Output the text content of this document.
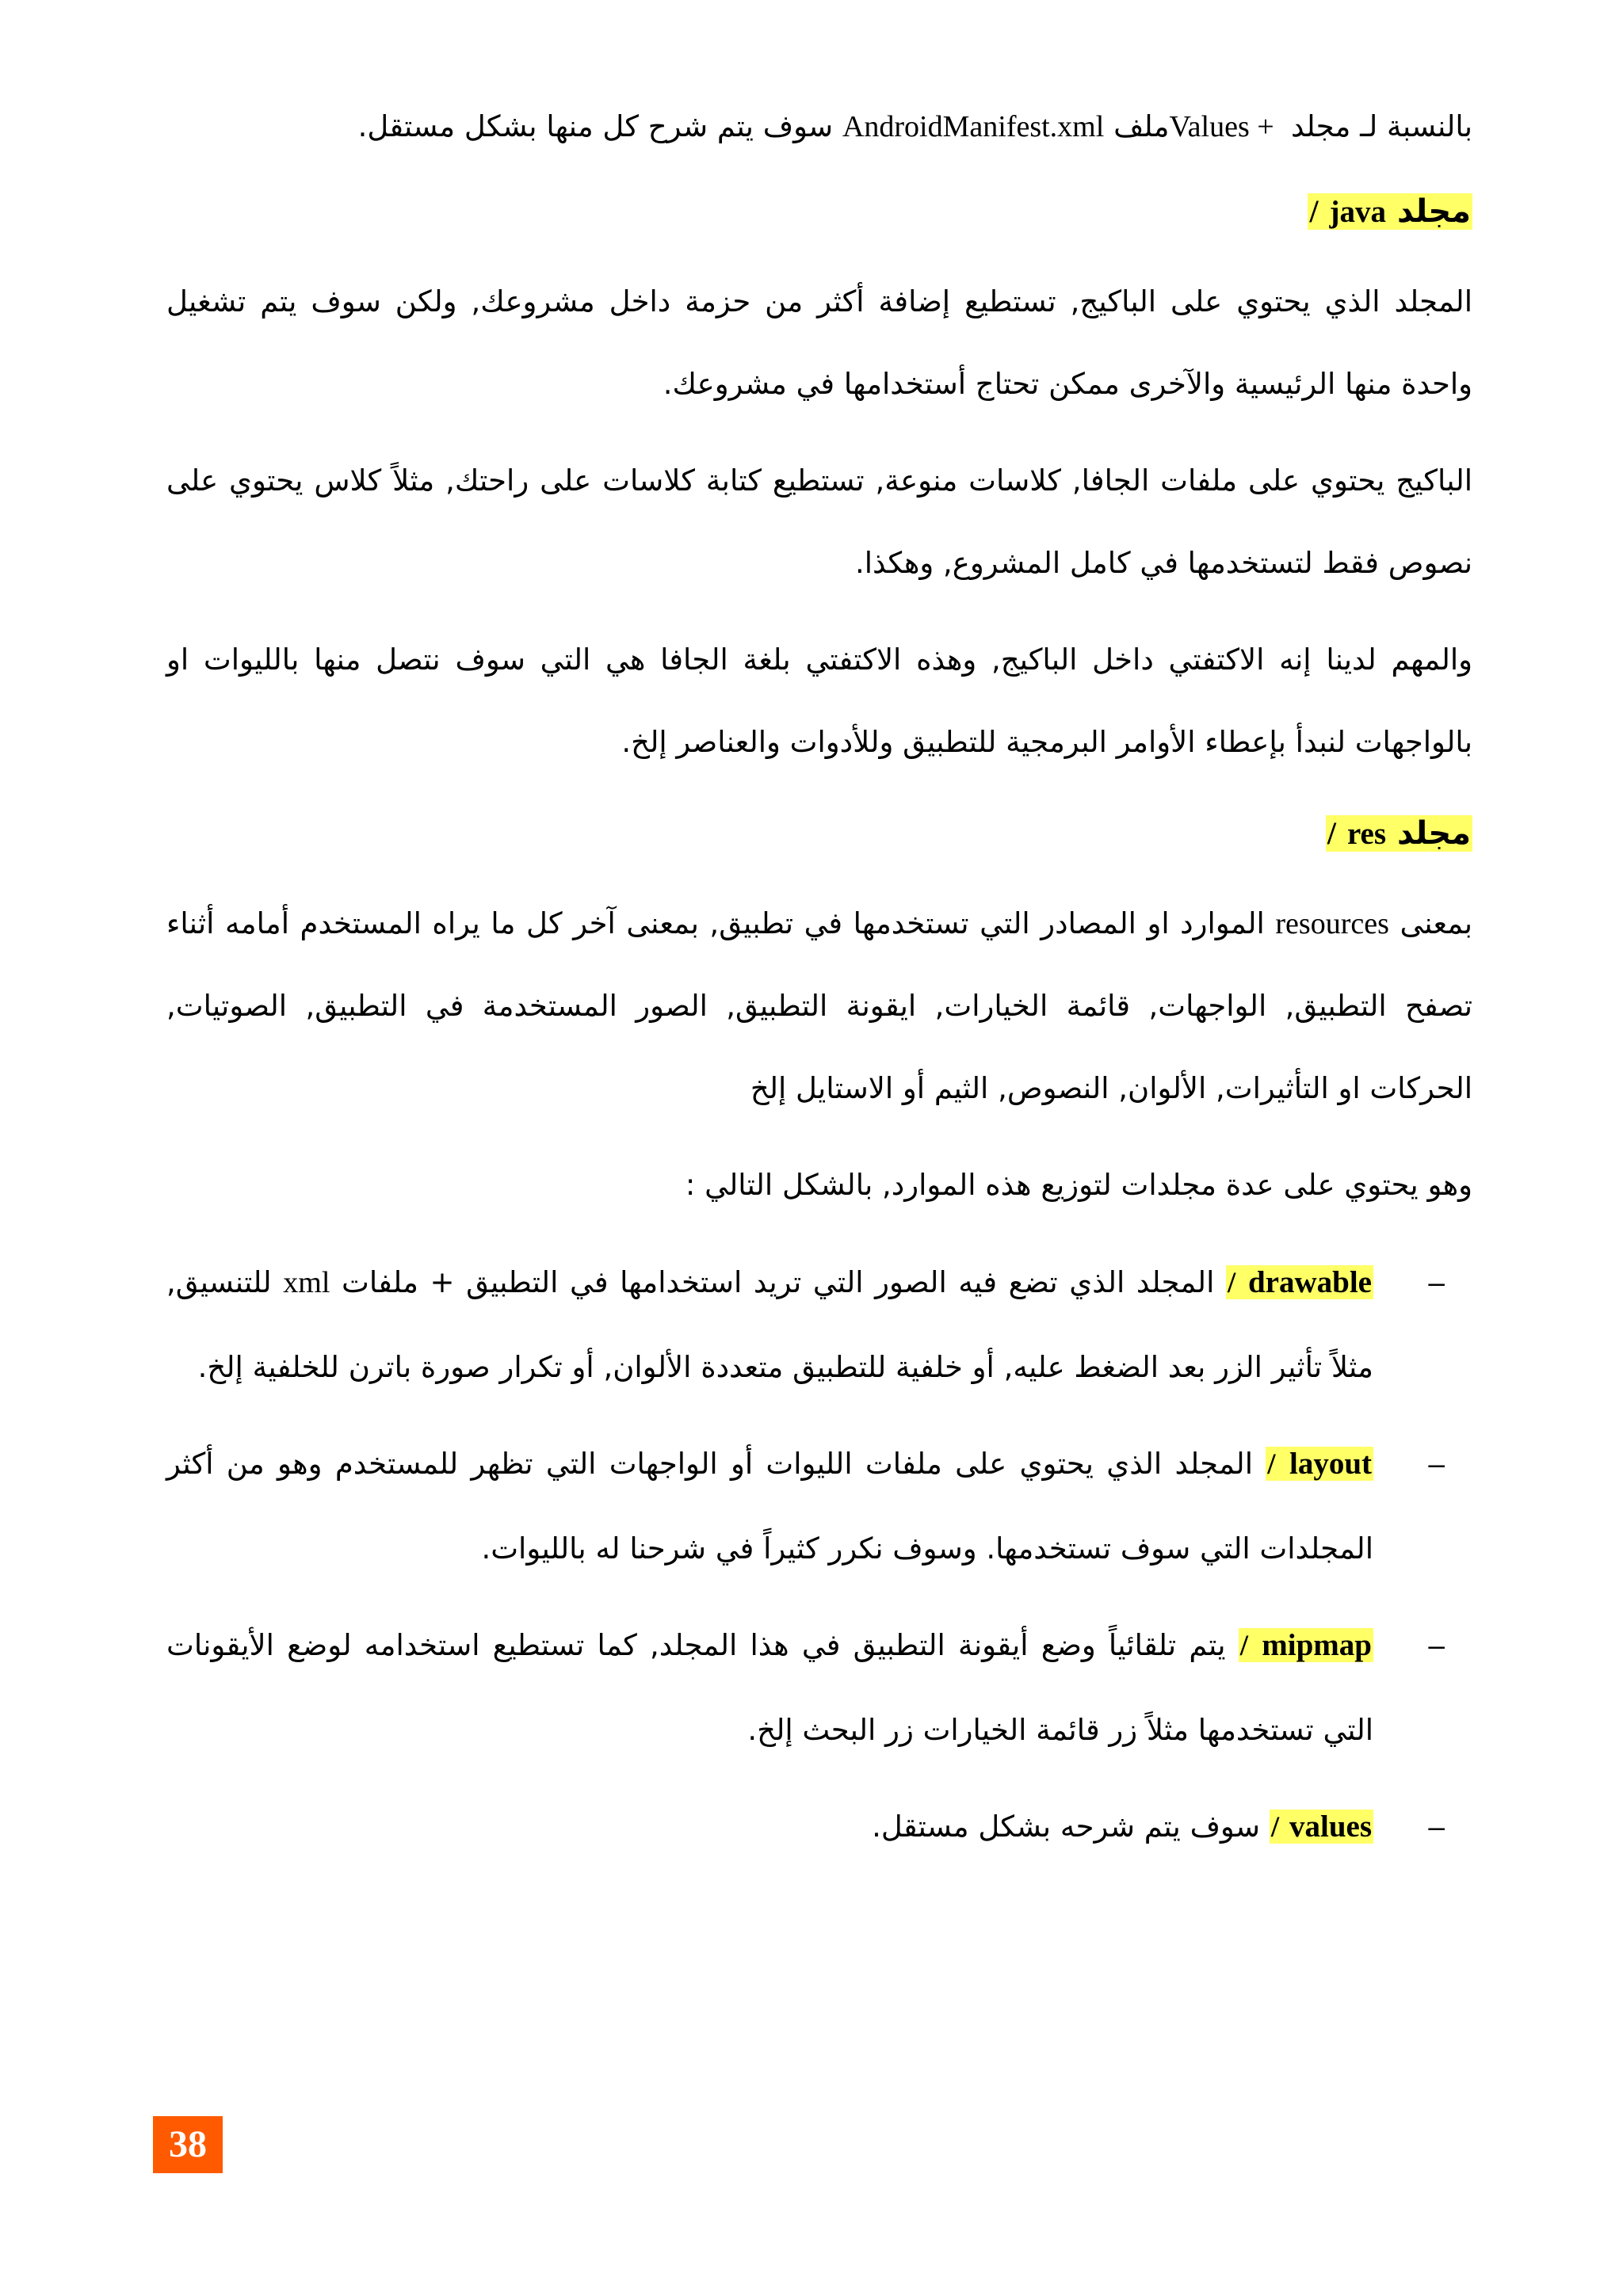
بالنسبة لـ مجلد Values + ملف AndroidManifest.xml سوف يتم شرح كل منها بشكل مستقل.

مجلد java /

المجلد الذي يحتوي على الباكيج, تستطيع إضافة أكثر من حزمة داخل مشروعك, ولكن سوف يتم تشغيل واحدة منها الرئيسية والآخرى ممكن تحتاج أستخدامها في مشروعك.

الباكيج يحتوي على ملفات الجافا, كلاسات منوعة, تستطيع كتابة كلاسات على راحتك, مثلاً كلاس يحتوي على نصوص فقط لتستخدمها في كامل المشروع, وهكذا.

والمهم لدينا إنه الاكتفتي داخل الباكيج, وهذه الاكتفتي بلغة الجافا هي التي سوف نتصل منها بالليوات او بالواجهات لنبدأ بإعطاء الأوامر البرمجية للتطبيق وللأدوات والعناصر إلخ.

مجلد res /

بمعنى resources الموارد او المصادر التي تستخدمها في تطبيق, بمعنى آخر كل ما يراه المستخدم أمامه أثناء تصفح التطبيق, الواجهات, قائمة الخيارات, ايقونة التطبيق, الصور المستخدمة في التطبيق, الصوتيات, الحركات او التأثيرات, الألوان, النصوص, الثيم أو الاستايل إلخ

وهو يحتوي على عدة مجلدات لتوزيع هذه الموارد, بالشكل التالي :

–
drawable / المجلد الذي تضع فيه الصور التي تريد استخدامها في التطبيق + ملفات xml للتنسيق, مثلاً تأثير الزر بعد الضغط عليه, أو خلفية للتطبيق متعددة الألوان, أو تكرار صورة باترن للخلفية إلخ.
–
layout / المجلد الذي يحتوي على ملفات الليوات أو الواجهات التي تظهر للمستخدم وهو من أكثر المجلدات التي سوف تستخدمها. وسوف نكرر كثيراً في شرحنا له بالليوات.
–
mipmap / يتم تلقائياً وضع أيقونة التطبيق في هذا المجلد, كما تستطيع استخدامه لوضع الأيقونات التي تستخدمها مثلاً زر قائمة الخيارات زر البحث إلخ.
–
values / سوف يتم شرحه بشكل مستقل.
38
